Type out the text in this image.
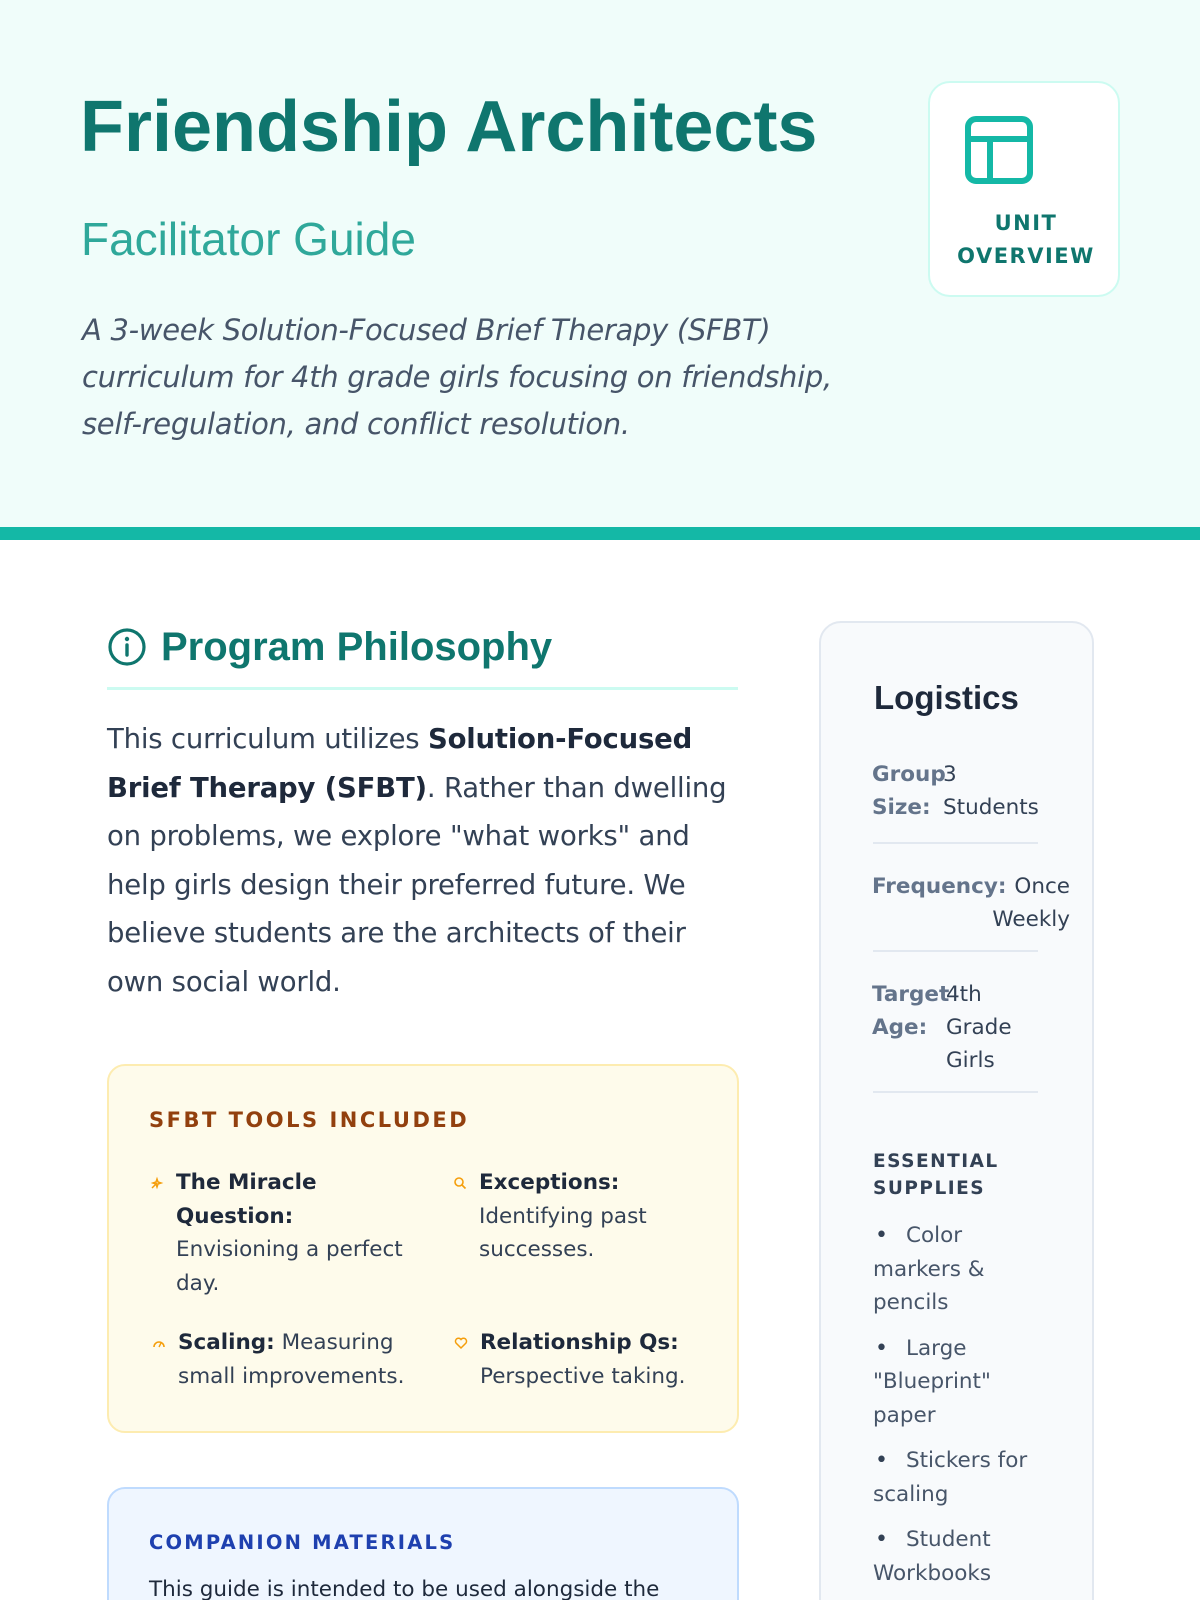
Friendship Architects
Facilitator Guide

A 3-week Solution-Focused Brief Therapy (SFBT) curriculum for 4th grade girls focusing on friendship, self-regulation, and conflict resolution.

UNIT
OVERVIEW
Program Philosophy

This curriculum utilizes Solution-Focused Brief Therapy (SFBT). Rather than dwelling on problems, we explore "what works" and help girls design their preferred future. We believe students are the architects of their own social world.

SFBT TOOLS INCLUDED
The Miracle Question: Envisioning a perfect day.
Exceptions: Identifying past successes.
Scaling: Measuring small improvements.
Relationship Qs: Perspective taking.
COMPANION MATERIALS

This guide is intended to be used alongside the

Logistics
Group Size:
3 Students
Frequency: Once Weekly
Target Age:
4th Grade Girls
ESSENTIAL SUPPLIES
• Color markers & pencils
• Large "Blueprint" paper
• Stickers for scaling
• Student Workbooks
